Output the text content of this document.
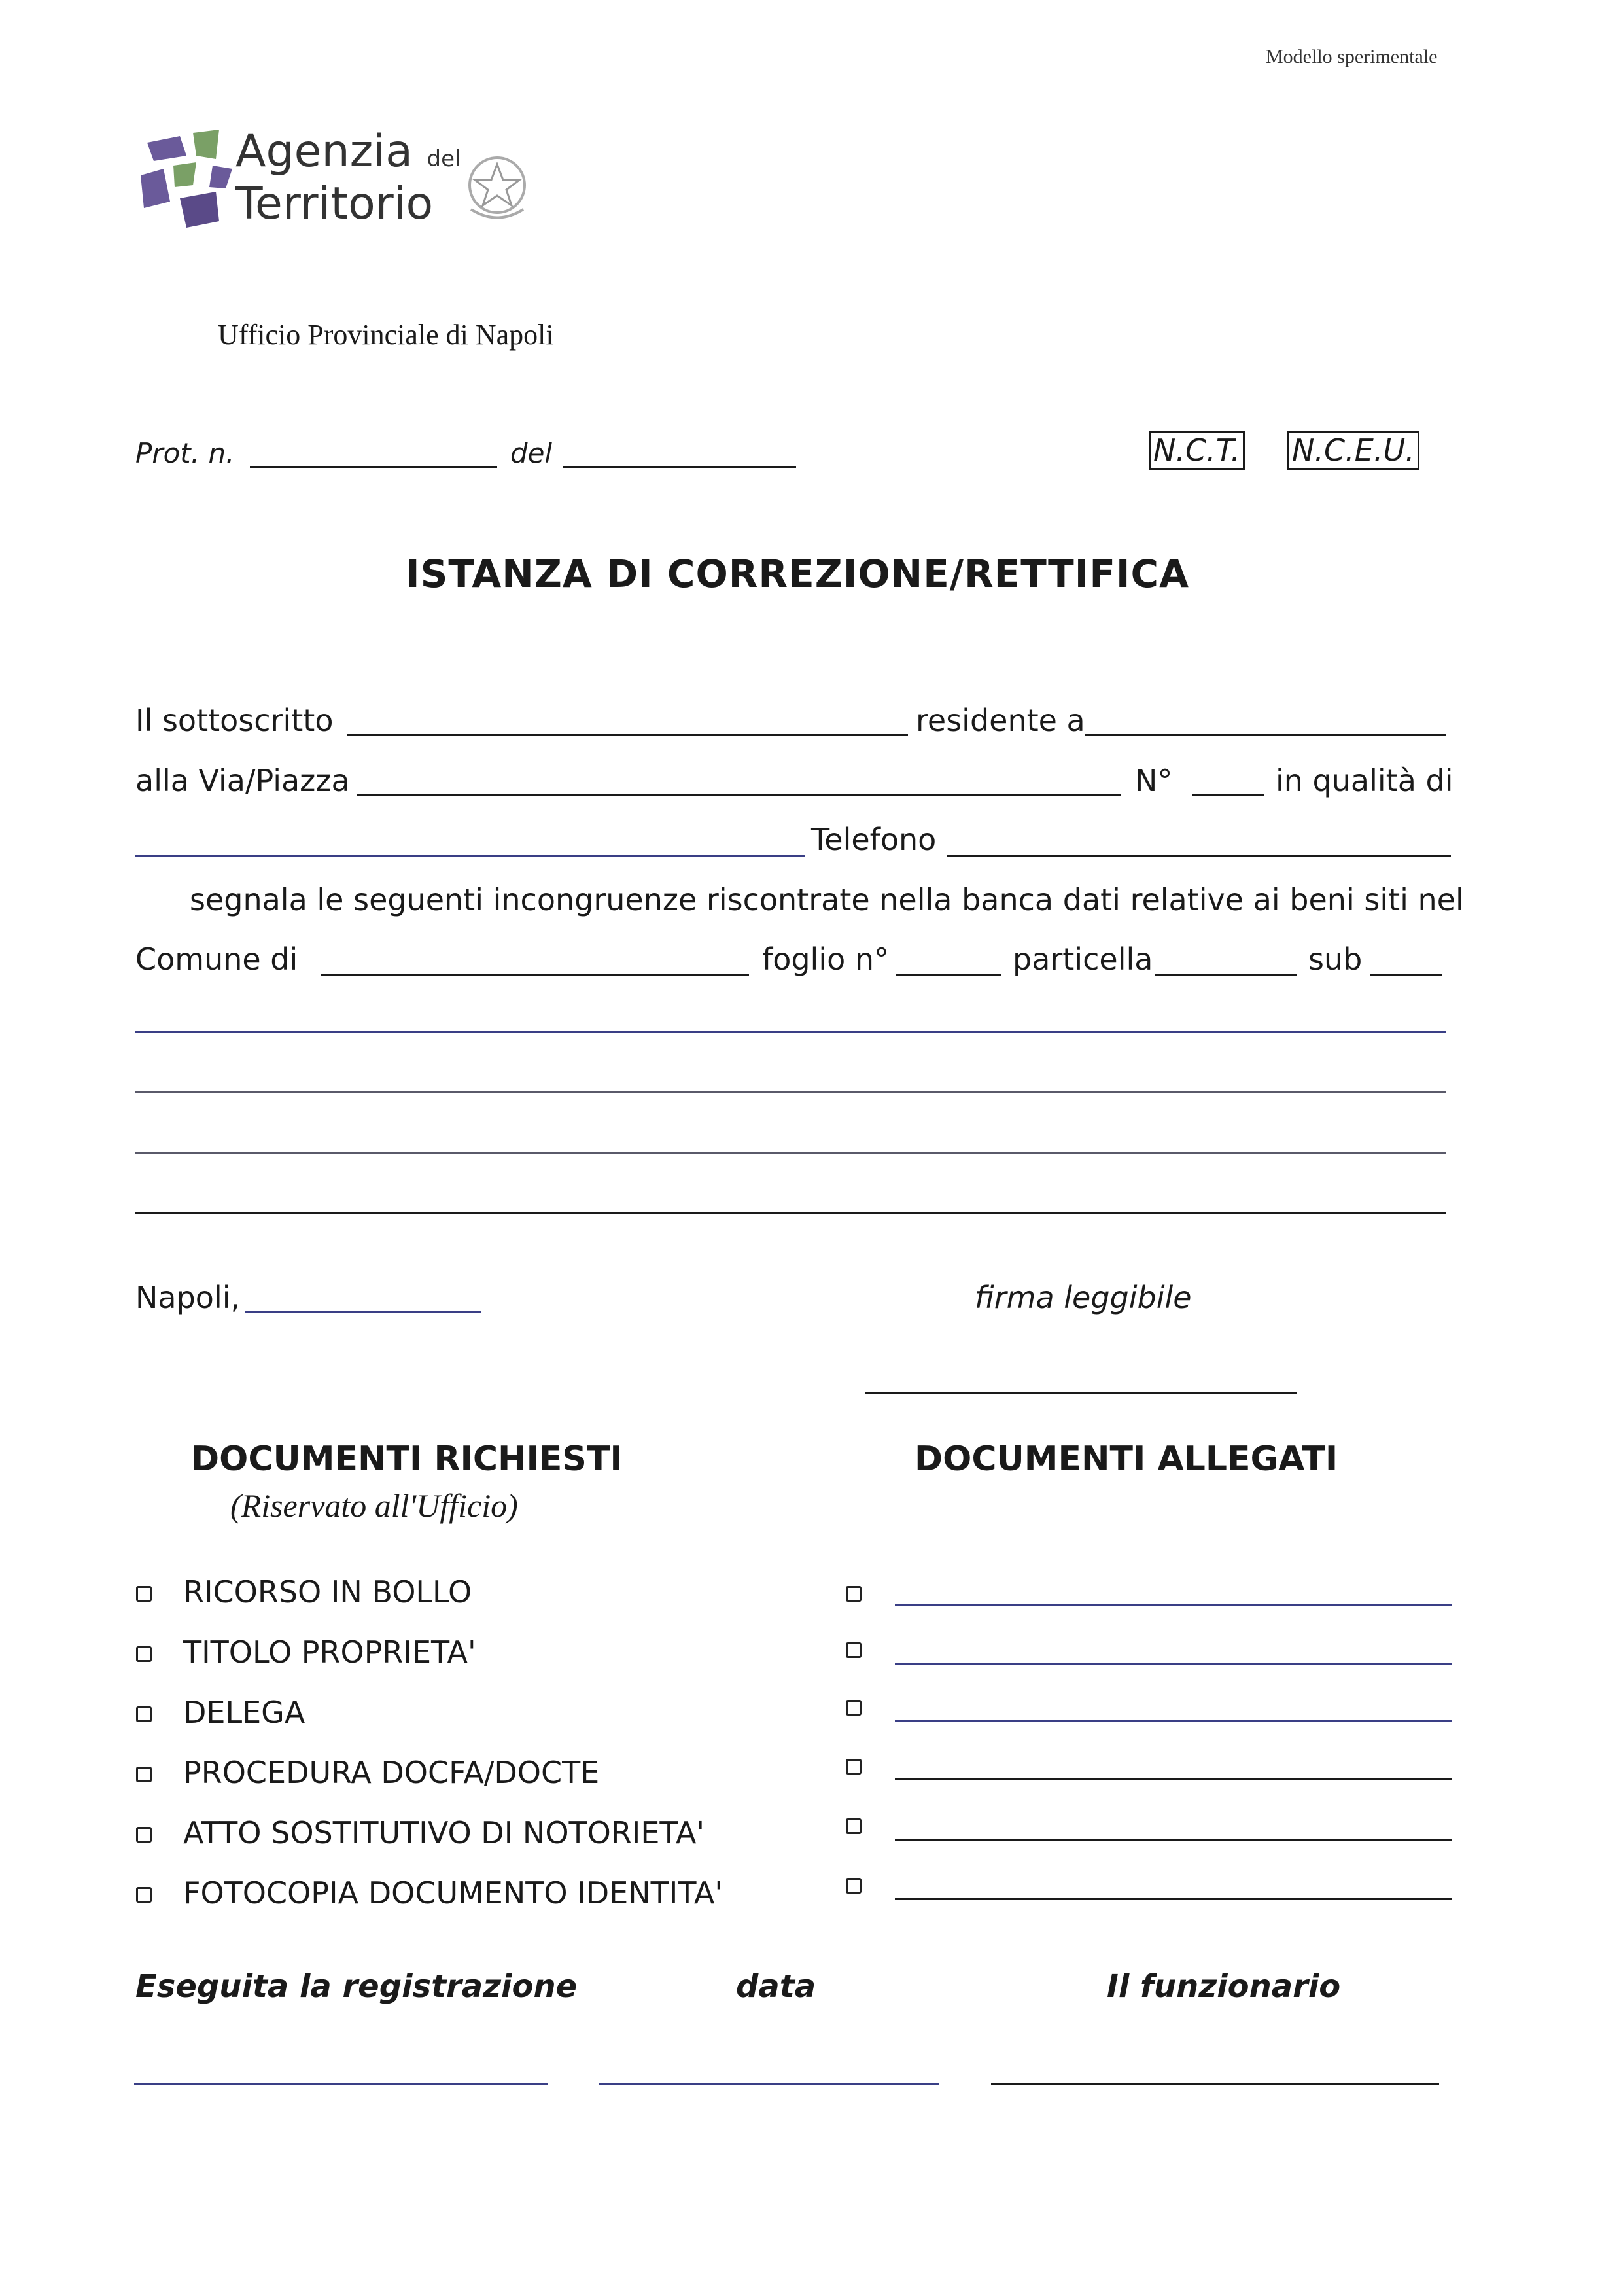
Modello sperimentale
Agenzia del
Territorio
Ufficio Provinciale di Napoli
Prot. n.	del	N.C.T. N.C.E.U.
ISTANZA DI CORREZIONE/RETTIFICA
Il sottoscritto	residente a
alla Via/Piazza	N°	in qualità di
Telefono
segnala le seguenti incongruenze riscontrate nella banca dati relative ai beni siti nel
Comune di	foglio n°	particella	sub
Napoli,	firma leggibile
DOCUMENTI RICHIESTI
(Riservato all'Ufficio)
DOCUMENTI ALLEGATI
RICORSO IN BOLLO
TITOLO PROPRIETA'
DELEGA
PROCEDURA DOCFA/DOCTE
ATTO SOSTITUTIVO DI NOTORIETA'
FOTOCOPIA DOCUMENTO IDENTITA'
Eseguita la registrazione	data	Il funzionario
